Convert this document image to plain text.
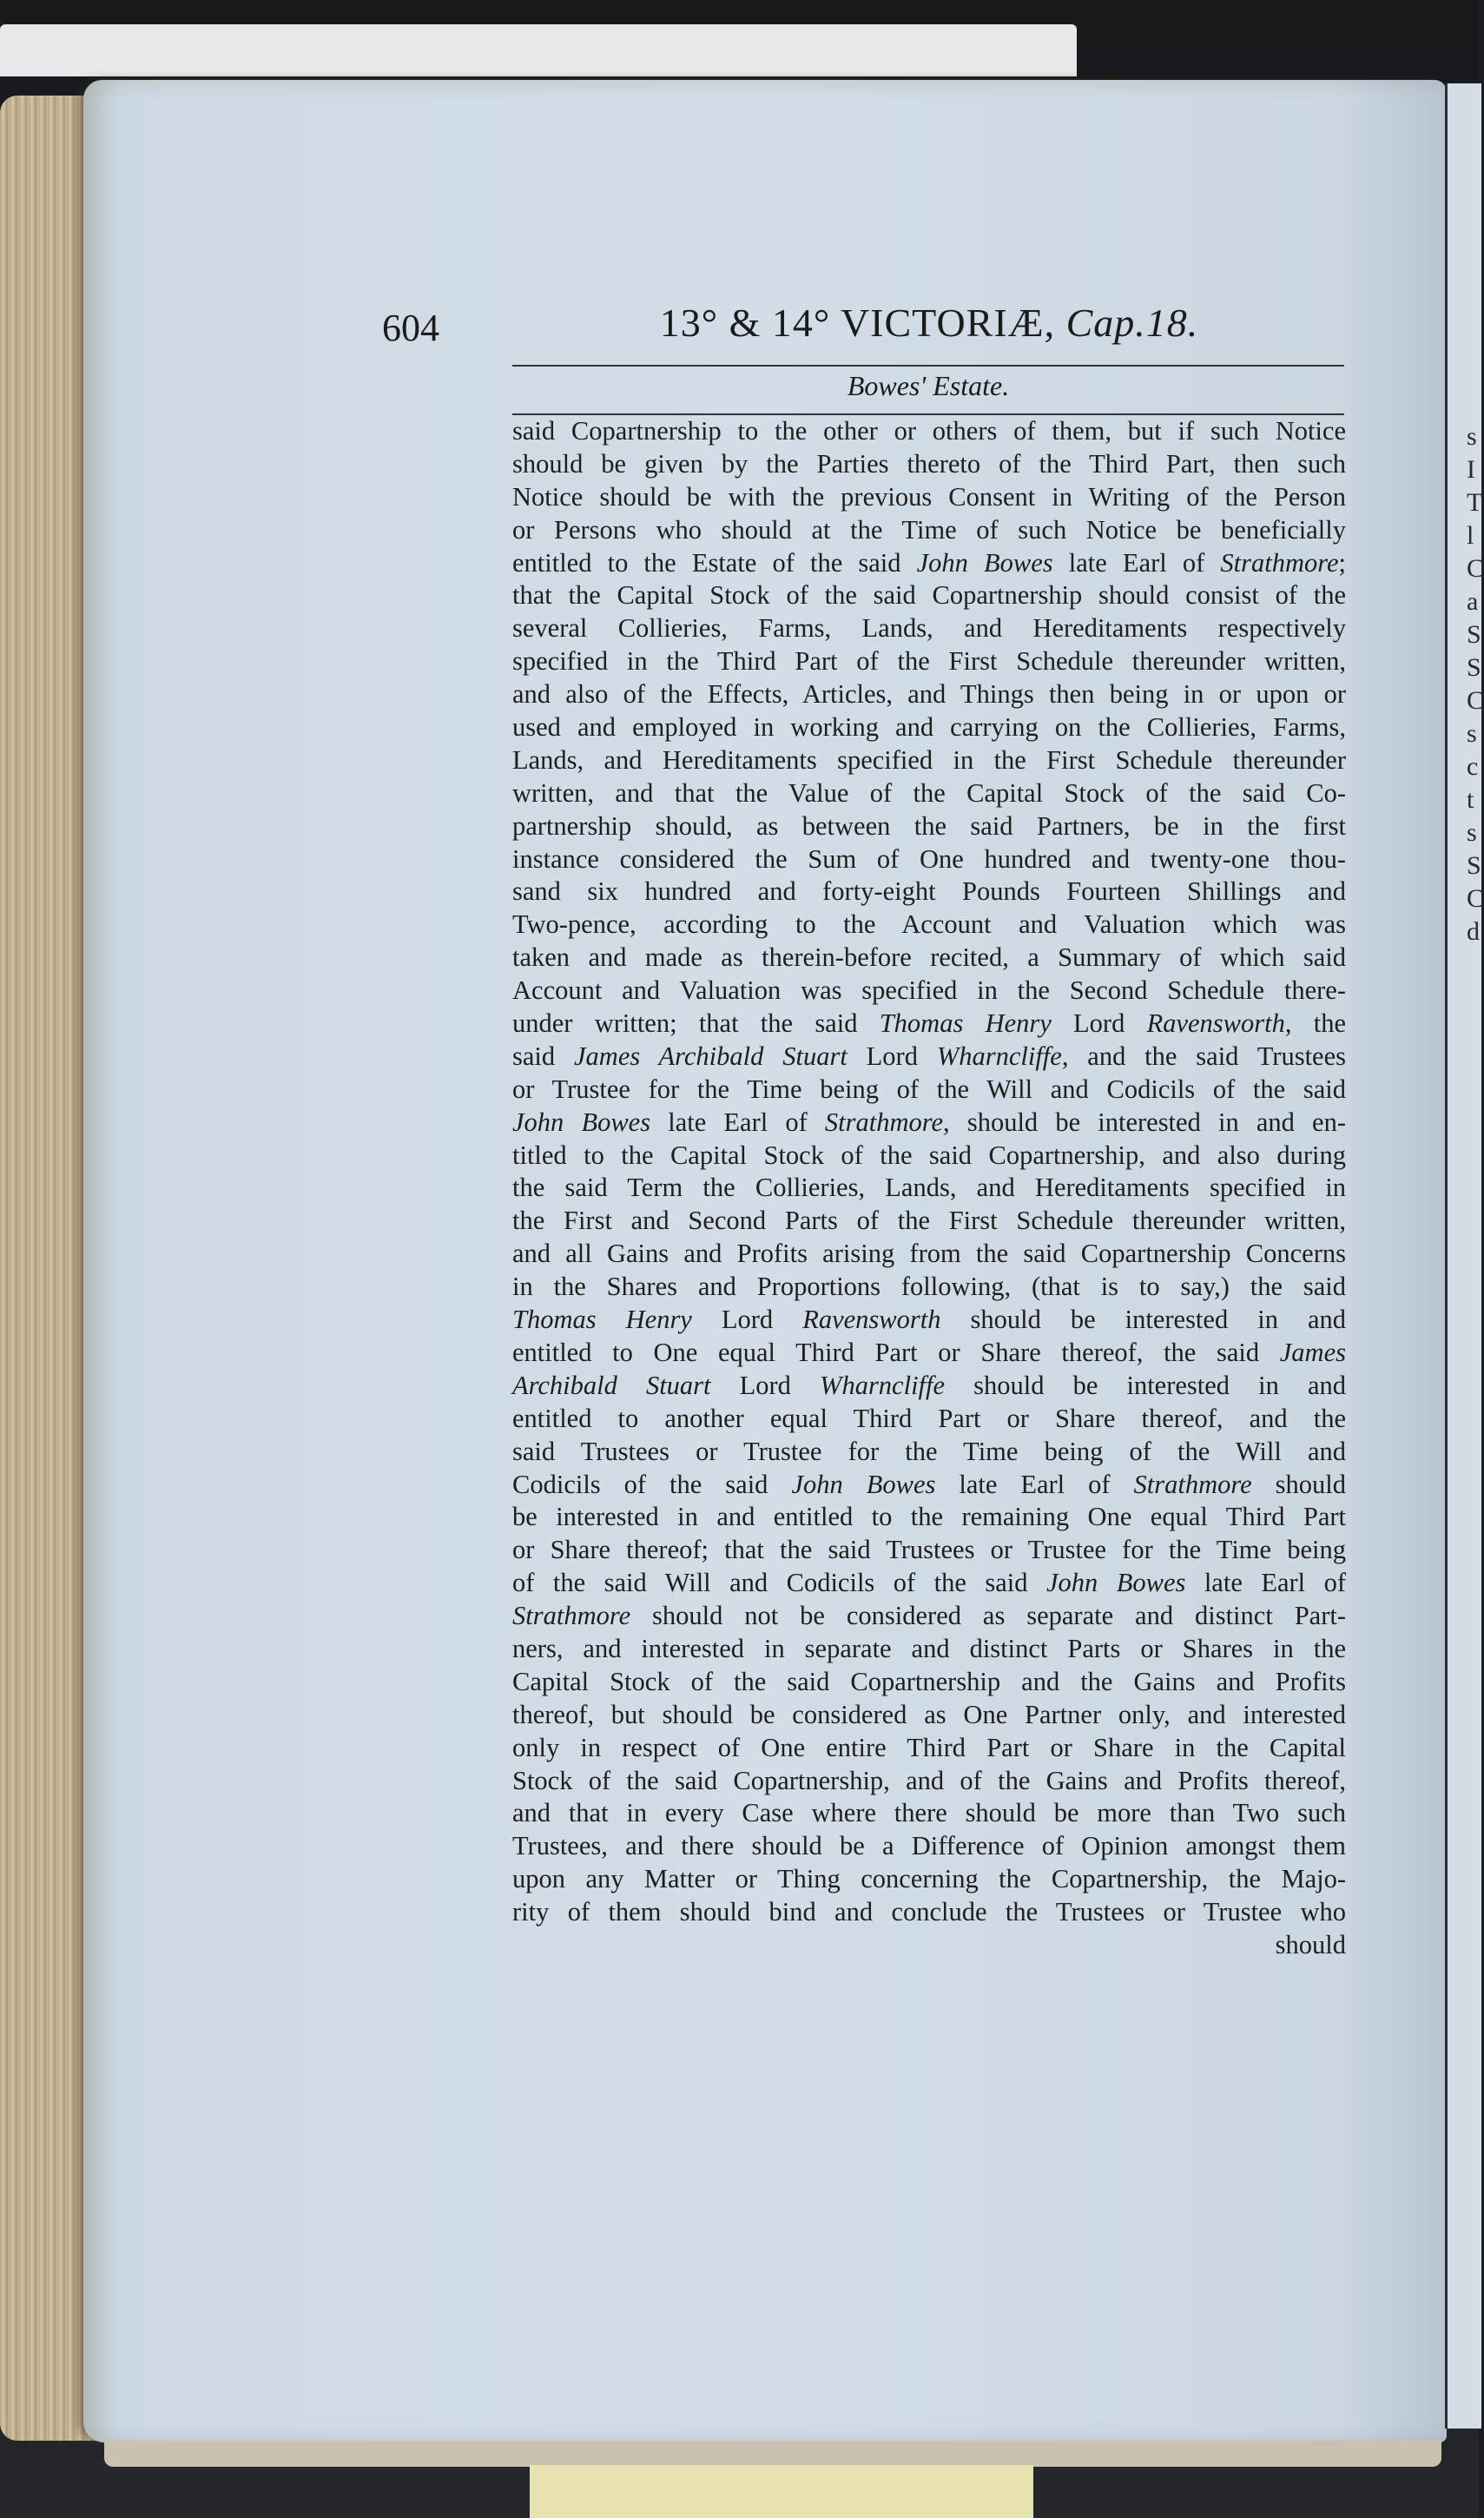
s
I
T
l
C
a
S
S
C
s
c
t
s
S
C
d
604	13° & 14° VICTORIÆ, Cap.18.
Bowes' Estate.
said Copartnership to the other or others of them, but if such Notice
should be given by the Parties thereto of the Third Part, then such
Notice should be with the previous Consent in Writing of the Person
or Persons who should at the Time of such Notice be beneficially
entitled to the Estate of the said John Bowes late Earl of Strathmore;
that the Capital Stock of the said Copartnership should consist of the
several Collieries, Farms, Lands, and Hereditaments respectively
specified in the Third Part of the First Schedule thereunder written,
and also of the Effects, Articles, and Things then being in or upon or
used and employed in working and carrying on the Collieries, Farms,
Lands, and Hereditaments specified in the First Schedule thereunder
written, and that the Value of the Capital Stock of the said Co-
partnership should, as between the said Partners, be in the first
instance considered the Sum of One hundred and twenty-one thou-
sand six hundred and forty-eight Pounds Fourteen Shillings and
Two-pence, according to the Account and Valuation which was
taken and made as therein-before recited, a Summary of which said
Account and Valuation was specified in the Second Schedule there-
under written; that the said Thomas Henry Lord Ravensworth, the
said James Archibald Stuart Lord Wharncliffe, and the said Trustees
or Trustee for the Time being of the Will and Codicils of the said
John Bowes late Earl of Strathmore, should be interested in and en-
titled to the Capital Stock of the said Copartnership, and also during
the said Term the Collieries, Lands, and Hereditaments specified in
the First and Second Parts of the First Schedule thereunder written,
and all Gains and Profits arising from the said Copartnership Concerns
in the Shares and Proportions following, (that is to say,) the said
Thomas Henry Lord Ravensworth should be interested in and
entitled to One equal Third Part or Share thereof, the said James
Archibald Stuart Lord Wharncliffe should be interested in and
entitled to another equal Third Part or Share thereof, and the
said Trustees or Trustee for the Time being of the Will and
Codicils of the said John Bowes late Earl of Strathmore should
be interested in and entitled to the remaining One equal Third Part
or Share thereof; that the said Trustees or Trustee for the Time being
of the said Will and Codicils of the said John Bowes late Earl of
Strathmore should not be considered as separate and distinct Part-
ners, and interested in separate and distinct Parts or Shares in the
Capital Stock of the said Copartnership and the Gains and Profits
thereof, but should be considered as One Partner only, and interested
only in respect of One entire Third Part or Share in the Capital
Stock of the said Copartnership, and of the Gains and Profits thereof,
and that in every Case where there should be more than Two such
Trustees, and there should be a Difference of Opinion amongst them
upon any Matter or Thing concerning the Copartnership, the Majo-
rity of them should bind and conclude the Trustees or Trustee who
should
